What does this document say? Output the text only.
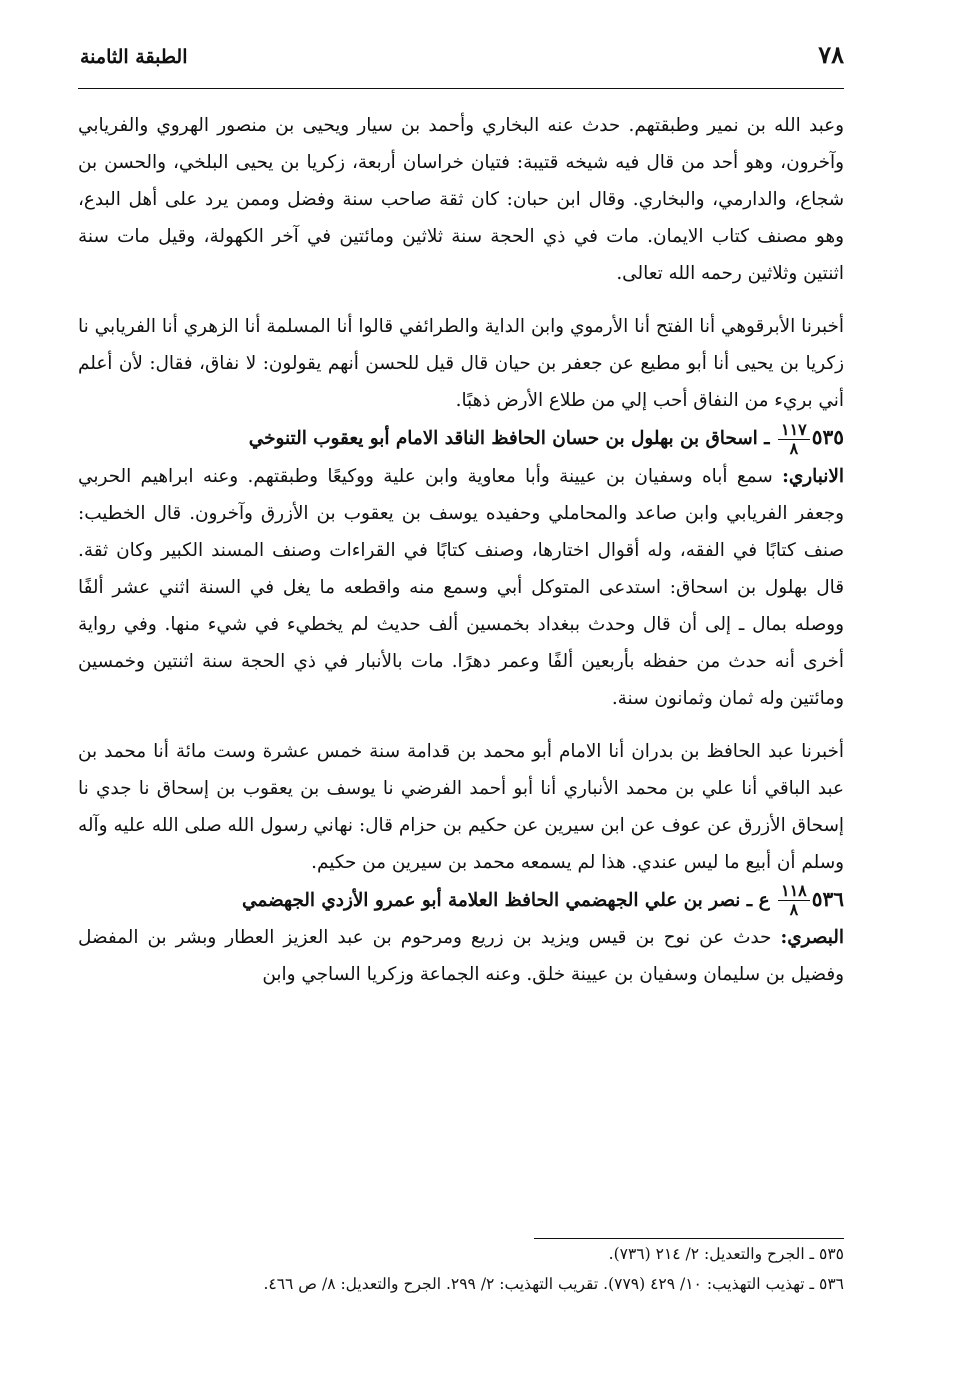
٧٨
الطبقة الثامنة

وعبد الله بن نمير وطبقتهم. حدث عنه البخاري وأحمد بن سيار ويحيى بن منصور الهروي والفريابي وآخرون، وهو أحد من قال فيه شيخه قتيبة: فتيان خراسان أربعة، زكريا بن يحيى البلخي، والحسن بن شجاع، والدارمي، والبخاري. وقال ابن حبان: كان ثقة صاحب سنة وفضل وممن يرد على أهل البدع، وهو مصنف كتاب الايمان. مات في ذي الحجة سنة ثلاثين ومائتين في آخر الكهولة، وقيل مات سنة اثنتين وثلاثين رحمه الله تعالى.

أخبرنا الأبرقوهي أنا الفتح أنا الأرموي وابن الداية والطرائفي قالوا أنا المسلمة أنا الزهري أنا الفريابي نا زكريا بن يحيى أنا أبو مطيع عن جعفر بن حيان قال قيل للحسن أنهم يقولون: لا نفاق، فقال: لأن أعلم أني بريء من النفاق أحب إلي من طلاع الأرض ذهبًا.

٥٣٥
$\frac{١١٧}{٨}$
ـ اسحاق بن بهلول بن حسان الحافظ الناقد الامام أبو يعقوب التنوخي
الانباري: سمع أباه وسفيان بن عيينة وأبا معاوية وابن علية ووكيعًا وطبقتهم. وعنه ابراهيم الحربي وجعفر الفريابي وابن صاعد والمحاملي وحفيده يوسف بن يعقوب بن الأزرق وآخرون. قال الخطيب: صنف كتابًا في الفقه، وله أقوال اختارها، وصنف كتابًا في القراءات وصنف المسند الكبير وكان ثقة. قال بهلول بن اسحاق: استدعى المتوكل أبي وسمع منه واقطعه ما يغل في السنة اثني عشر ألفًا ووصله بمال ـ إلى أن قال وحدث ببغداد بخمسين ألف حديث لم يخطيء في شيء منها. وفي رواية أخرى أنه حدث من حفظه بأربعين ألفًا وعمر دهرًا. مات بالأنبار في ذي الحجة سنة اثنتين وخمسين ومائتين وله ثمان وثمانون سنة.

أخبرنا عبد الحافظ بن بدران أنا الامام أبو محمد بن قدامة سنة خمس عشرة وست مائة أنا محمد بن عبد الباقي أنا علي بن محمد الأنباري أنا أبو أحمد الفرضي نا يوسف بن يعقوب بن إسحاق نا جدي نا إسحاق الأزرق عن عوف عن ابن سيرين عن حكيم بن حزام قال: نهاني رسول الله صلى الله عليه وآله وسلم أن أبيع ما ليس عندي. هذا لم يسمعه محمد بن سيرين من حكيم.

٥٣٦
$\frac{١١٨}{٨}$
ع ـ نصر بن علي الجهضمي الحافظ العلامة أبو عمرو الأزدي الجهضمي
البصري: حدث عن نوح بن قيس ويزيد بن زريع ومرحوم بن عبد العزيز العطار وبشر بن المفضل وفضيل بن سليمان وسفيان بن عيينة خلق. وعنه الجماعة وزكريا الساجي وابن

٥٣٥ ـ الجرح والتعديل: ٢/ ٢١٤ (٧٣٦).

٥٣٦ ـ تهذيب التهذيب: ١٠/ ٤٢٩ (٧٧٩). تقريب التهذيب: ٢/ ٢٩٩. الجرح والتعديل: ٨/ ص ٤٦٦.
